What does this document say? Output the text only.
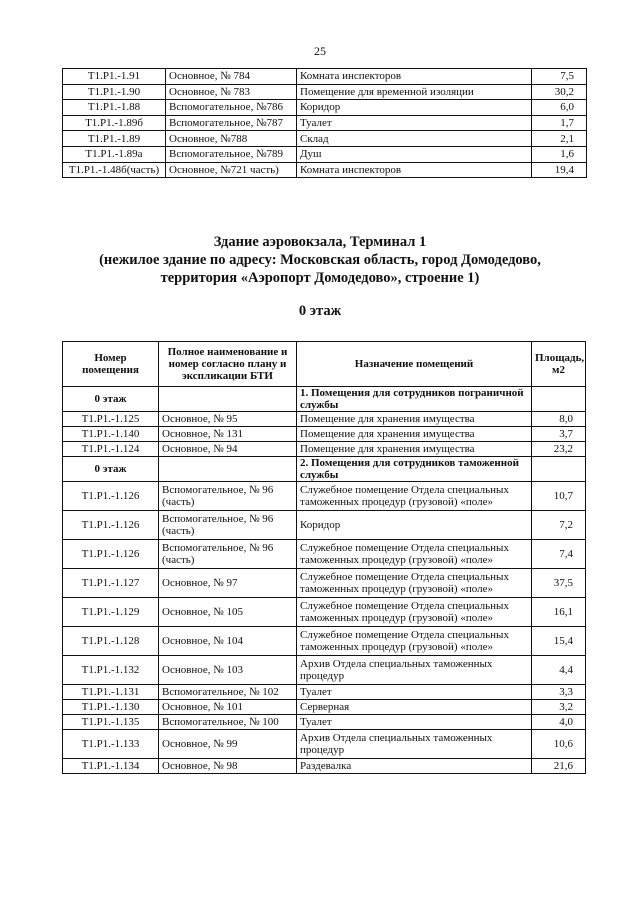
25
T1.P1.-1.91	Основное, № 784	Комната инспекторов	7,5
T1.P1.-1.90	Основное, № 783	Помещение для временной изоляции	30,2
T1.P1.-1.88	Вспомогательное, №786	Коридор	6,0
T1.P1.-1.89б	Вспомогательное, №787	Туалет	1,7
T1.P1.-1.89	Основное, №788	Склад	2,1
T1.P1.-1.89а	Вспомогательное, №789	Душ	1,6
T1.P1.-1.48б(часть)	Основное, №721 часть)	Комната инспекторов	19,4
Здание аэровокзала, Терминал 1
(нежилое здание по адресу: Московская область, город Домодедово,
территория «Аэропорт Домодедово», строение 1)
0 этаж
Номер помещения	Полное наименование и номер согласно плану и экспликации БТИ	Назначение помещений	Площадь, м2
0 этаж		1. Помещения для сотрудников пограничной службы	
T1.P1.-1.125	Основное, № 95	Помещение для хранения имущества	8,0
T1.P1.-1.140	Основное, № 131	Помещение для хранения имущества	3,7
T1.P1.-1.124	Основное, № 94	Помещение для хранения имущества	23,2
0 этаж		2. Помещения для сотрудников таможенной службы	
T1.P1.-1.126	Вспомогательное, № 96 (часть)	Служебное помещение Отдела специальных таможенных процедур (грузовой) «поле»	10,7
T1.P1.-1.126	Вспомогательное, № 96 (часть)	Коридор	7,2
T1.P1.-1.126	Вспомогательное, № 96 (часть)	Служебное помещение Отдела специальных таможенных процедур (грузовой) «поле»	7,4
T1.P1.-1.127	Основное, № 97	Служебное помещение Отдела специальных таможенных процедур (грузовой) «поле»	37,5
T1.P1.-1.129	Основное, № 105	Служебное помещение Отдела специальных таможенных процедур (грузовой) «поле»	16,1
T1.P1.-1.128	Основное, № 104	Служебное помещение Отдела специальных таможенных процедур (грузовой) «поле»	15,4
T1.P1.-1.132	Основное, № 103	Архив Отдела специальных таможенных процедур	4,4
T1.P1.-1.131	Вспомогательное, № 102	Туалет	3,3
T1.P1.-1.130	Основное, № 101	Серверная	3,2
T1.P1.-1.135	Вспомогательное, № 100	Туалет	4,0
T1.P1.-1.133	Основное, № 99	Архив Отдела специальных таможенных процедур	10,6
T1.P1.-1.134	Основное, № 98	Раздевалка	21,6
